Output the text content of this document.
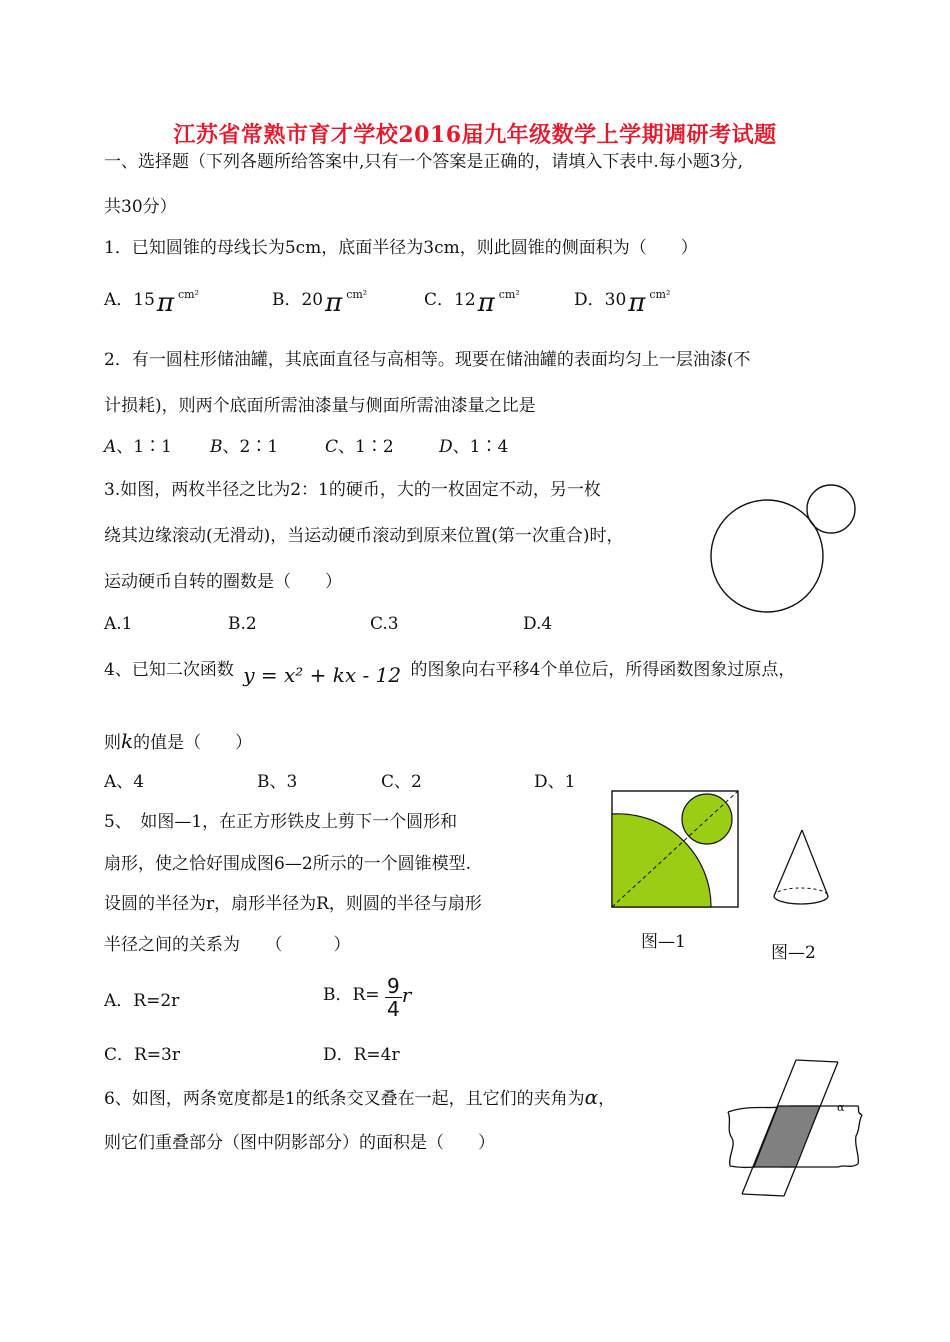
江苏省常熟市育才学校2016届九年级数学上学期调研考试题
一、选择题（下列各题所给答案中,只有一个答案是正确的，请填入下表中.每小题3分,
共30分）
1．已知圆锥的母线长为5cm，底面半径为3cm，则此圆锥的侧面积为（　　）
A．15π $^{cm^2}$	B．20π $^{cm^2}$	C．12π $^{cm^2}$	D．30π $^{cm^2}$
2．有一圆柱形储油罐，其底面直径与高相等。现要在储油罐的表面均匀上一层油漆(不
计损耗)，则两个底面所需油漆量与侧面所需油漆量之比是
A、1∶1 B、2∶1	C、1∶2	D、1∶4
3.如图，两枚半径之比为2：1的硬币，大的一枚固定不动，另一枚
绕其边缘滚动(无滑动)，当运动硬币滚动到原来位置(第一次重合)时，
运动硬币自转的圈数是（　　）
A.1	B.2	C.3	D.4
4、已知二次函数 y = x² + kx - 12 的图象向右平移4个单位后，所得函数图象过原点，
则k的值是（　　）
A、4	B、3	C、2	D、1
5、　如图—1，在正方形铁皮上剪下一个圆形和
扇形，使之恰好围成图6—2所示的一个圆锥模型.
设圆的半径为r，扇形半径为R，则圆的半径与扇形
半径之间的关系为　　（　　　）
A．R=2r	B．$R= \frac{9}{4}$ r
C．R=3r	D．R=4r
图—1
图—2
6、如图，两条宽度都是1的纸条交叉叠在一起，且它们的夹角为α，
则它们重叠部分（图中阴影部分）的面积是（　　）
α
